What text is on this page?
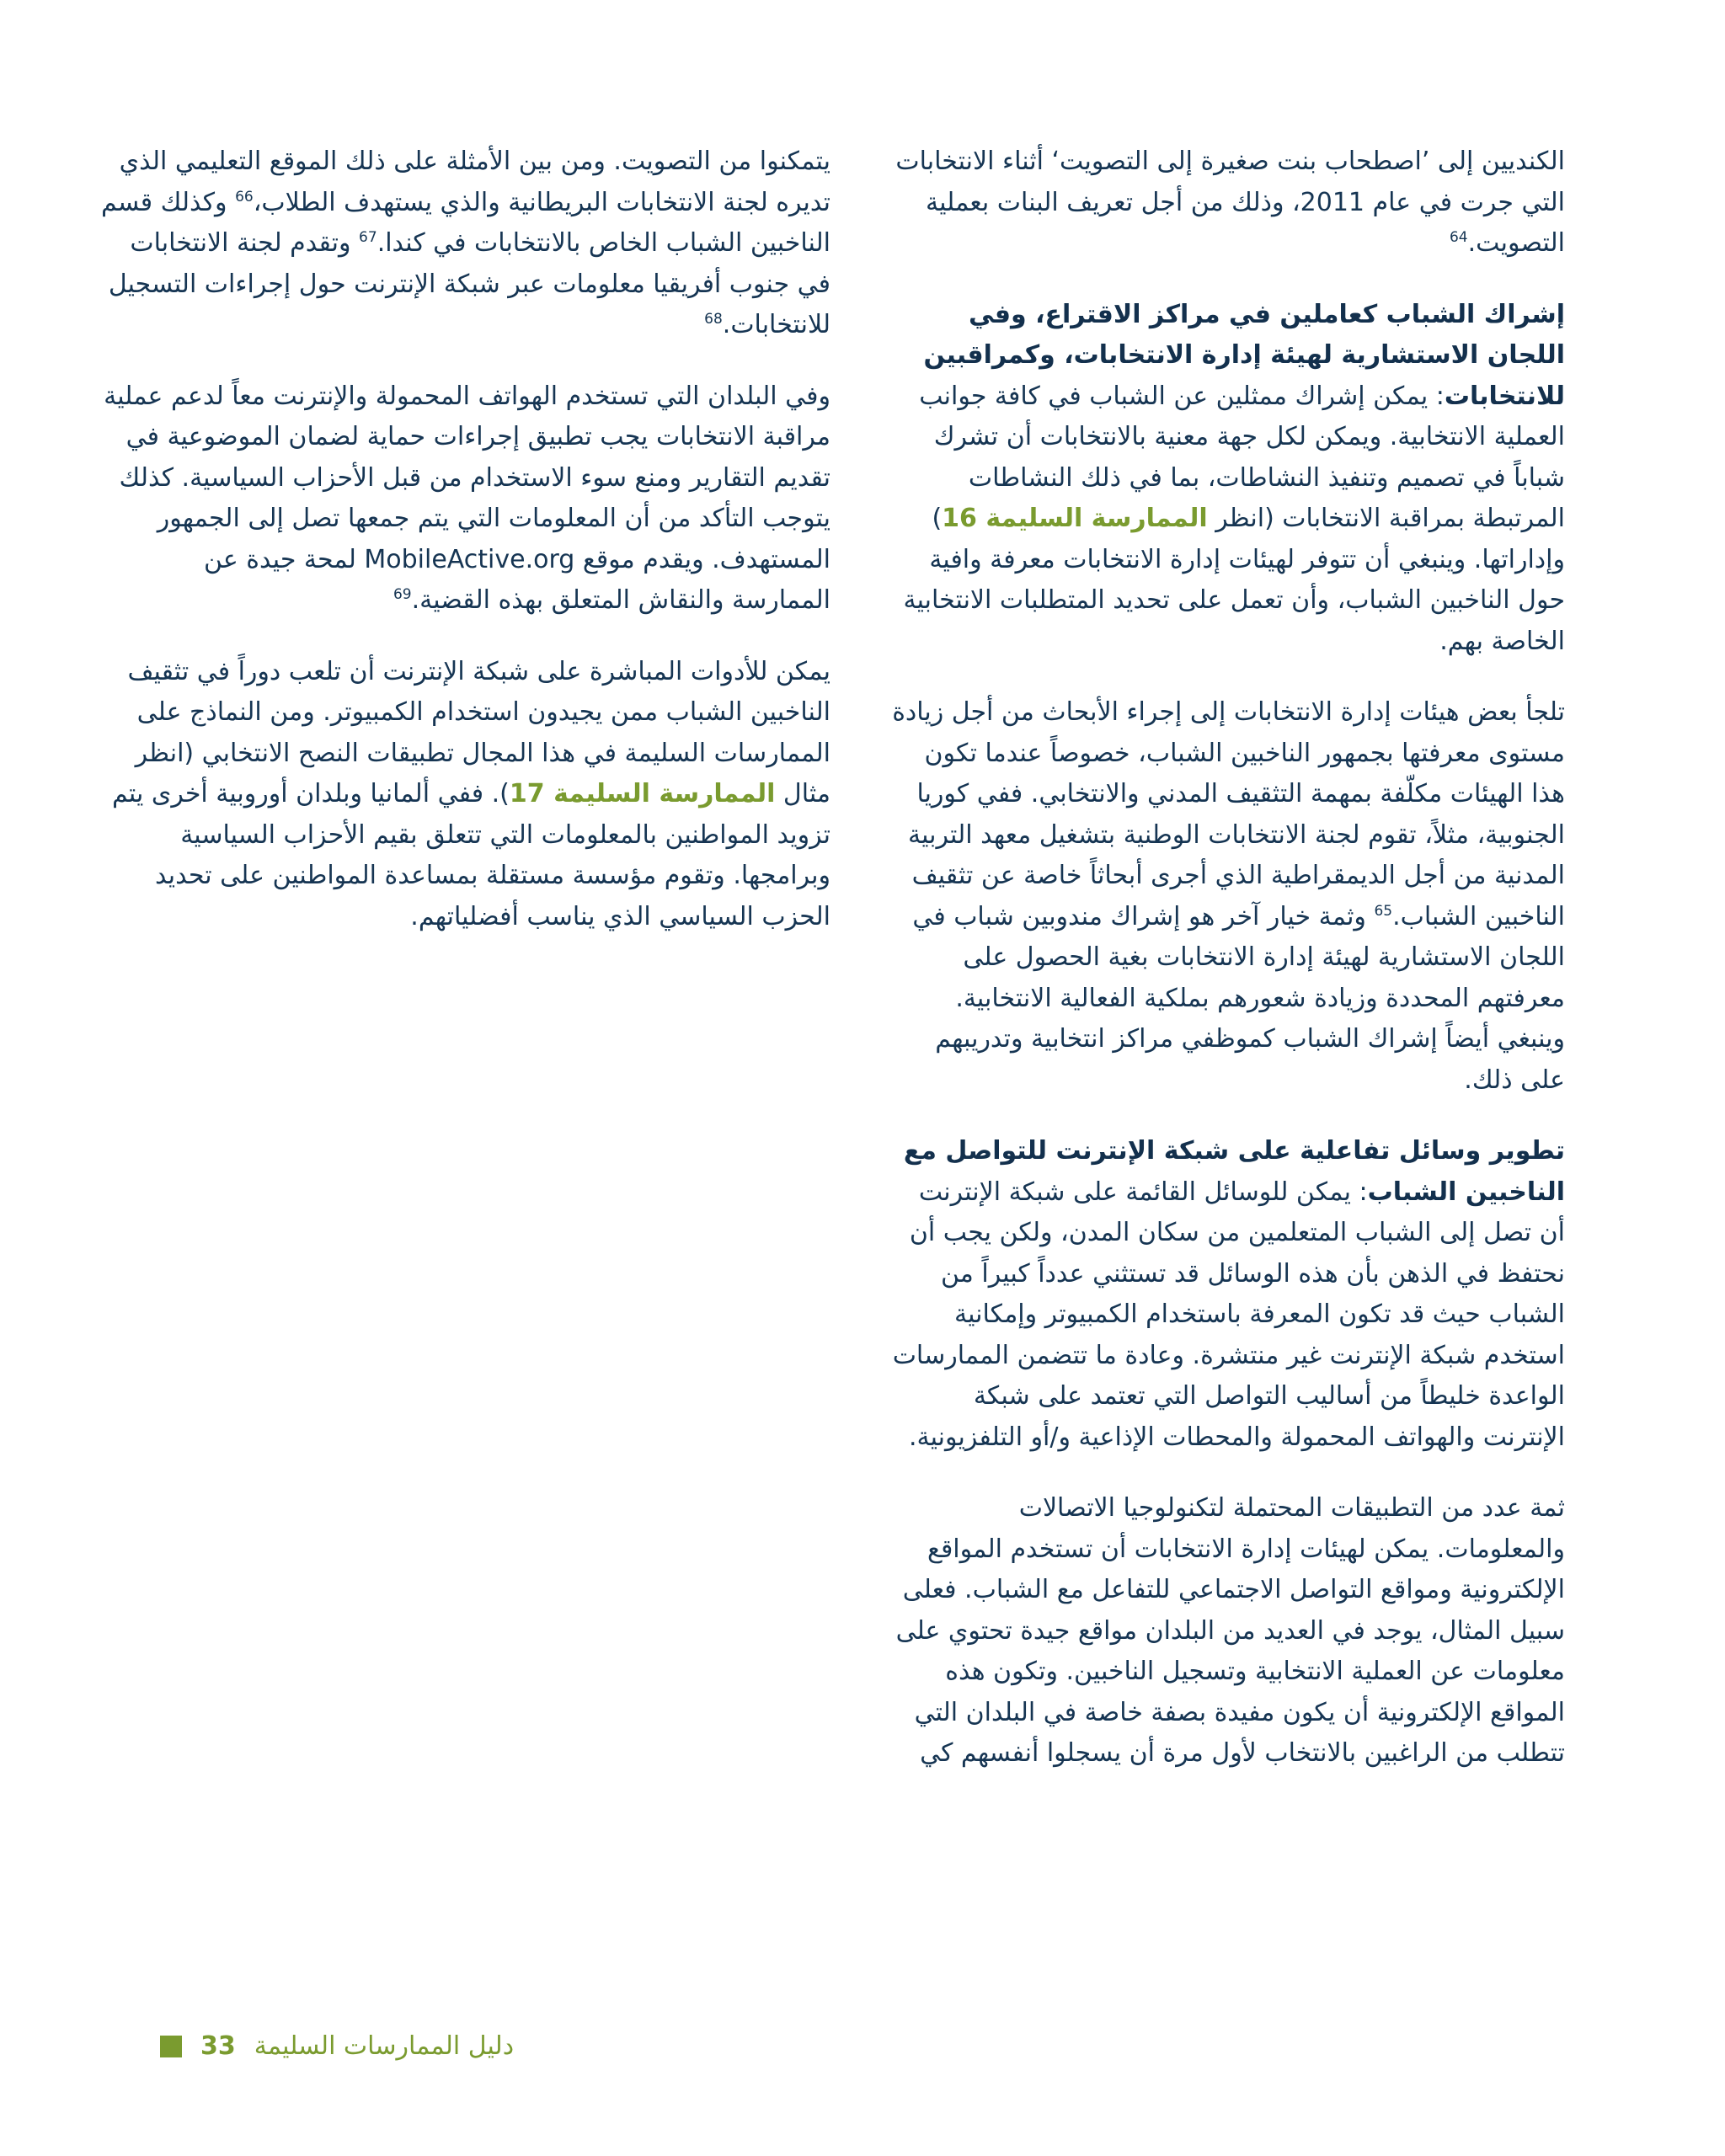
الكنديين إلى ’اصطحاب بنت صغيرة إلى التصويت‘ أثناء الانتخابات التي جرت في عام 2011، وذلك من أجل تعريف البنات بعملية التصويت.$^{64}$

إشراك الشباب كعاملين في مراكز الاقتراع، وفي اللجان الاستشارية لهيئة إدارة الانتخابات، وكمراقبين للانتخابات: يمكن إشراك ممثلين عن الشباب في كافة جوانب العملية الانتخابية. ويمكن لكل جهة معنية بالانتخابات أن تشرك شباباً في تصميم وتنفيذ النشاطات، بما في ذلك النشاطات المرتبطة بمراقبة الانتخابات (انظر الممارسة السليمة 16) وإداراتها. وينبغي أن تتوفر لهيئات إدارة الانتخابات معرفة وافية حول الناخبين الشباب، وأن تعمل على تحديد المتطلبات الانتخابية الخاصة بهم.

تلجأ بعض هيئات إدارة الانتخابات إلى إجراء الأبحاث من أجل زيادة مستوى معرفتها بجمهور الناخبين الشباب، خصوصاً عندما تكون هذا الهيئات مكلّفة بمهمة التثقيف المدني والانتخابي. ففي كوريا الجنوبية، مثلاً، تقوم لجنة الانتخابات الوطنية بتشغيل معهد التربية المدنية من أجل الديمقراطية الذي أجرى أبحاثاً خاصة عن تثقيف الناخبين الشباب.$^{65}$ وثمة خيار آخر هو إشراك مندوبين شباب في اللجان الاستشارية لهيئة إدارة الانتخابات بغية الحصول على معرفتهم المحددة وزيادة شعورهم بملكية الفعالية الانتخابية. وينبغي أيضاً إشراك الشباب كموظفي مراكز انتخابية وتدريبهم على ذلك.

تطوير وسائل تفاعلية على شبكة الإنترنت للتواصل مع الناخبين الشباب: يمكن للوسائل القائمة على شبكة الإنترنت أن تصل إلى الشباب المتعلمين من سكان المدن، ولكن يجب أن نحتفظ في الذهن بأن هذه الوسائل قد تستثني عدداً كبيراً من الشباب حيث قد تكون المعرفة باستخدام الكمبيوتر وإمكانية استخدم شبكة الإنترنت غير منتشرة. وعادة ما تتضمن الممارسات الواعدة خليطاً من أساليب التواصل التي تعتمد على شبكة الإنترنت والهواتف المحمولة والمحطات الإذاعية و/أو التلفزيونية.

ثمة عدد من التطبيقات المحتملة لتكنولوجيا الاتصالات والمعلومات. يمكن لهيئات إدارة الانتخابات أن تستخدم المواقع الإلكترونية ومواقع التواصل الاجتماعي للتفاعل مع الشباب. فعلى سبيل المثال، يوجد في العديد من البلدان مواقع جيدة تحتوي على معلومات عن العملية الانتخابية وتسجيل الناخبين. وتكون هذه المواقع الإلكترونية أن يكون مفيدة بصفة خاصة في البلدان التي تتطلب من الراغبين بالانتخاب لأول مرة أن يسجلوا أنفسهم كي

يتمكنوا من التصويت. ومن بين الأمثلة على ذلك الموقع التعليمي الذي تديره لجنة الانتخابات البريطانية والذي يستهدف الطلاب،$^{66}$ وكذلك قسم الناخبين الشباب الخاص بالانتخابات في كندا.$^{67}$ وتقدم لجنة الانتخابات في جنوب أفريقيا معلومات عبر شبكة الإنترنت حول إجراءات التسجيل للانتخابات.$^{68}$

وفي البلدان التي تستخدم الهواتف المحمولة والإنترنت معاً لدعم عملية مراقبة الانتخابات يجب تطبيق إجراءات حماية لضمان الموضوعية في تقديم التقارير ومنع سوء الاستخدام من قبل الأحزاب السياسية. كذلك يتوجب التأكد من أن المعلومات التي يتم جمعها تصل إلى الجمهور المستهدف. ويقدم موقع MobileActive.org لمحة جيدة عن الممارسة والنقاش المتعلق بهذه القضية.$^{69}$

يمكن للأدوات المباشرة على شبكة الإنترنت أن تلعب دوراً في تثقيف الناخبين الشباب ممن يجيدون استخدام الكمبيوتر. ومن النماذج على الممارسات السليمة في هذا المجال تطبيقات النصح الانتخابي (انظر مثال الممارسة السليمة 17). ففي ألمانيا وبلدان أوروبية أخرى يتم تزويد المواطنين بالمعلومات التي تتعلق بقيم الأحزاب السياسية وبرامجها. وتقوم مؤسسة مستقلة بمساعدة المواطنين على تحديد الحزب السياسي الذي يناسب أفضلياتهم.

33 دليل الممارسات السليمة
